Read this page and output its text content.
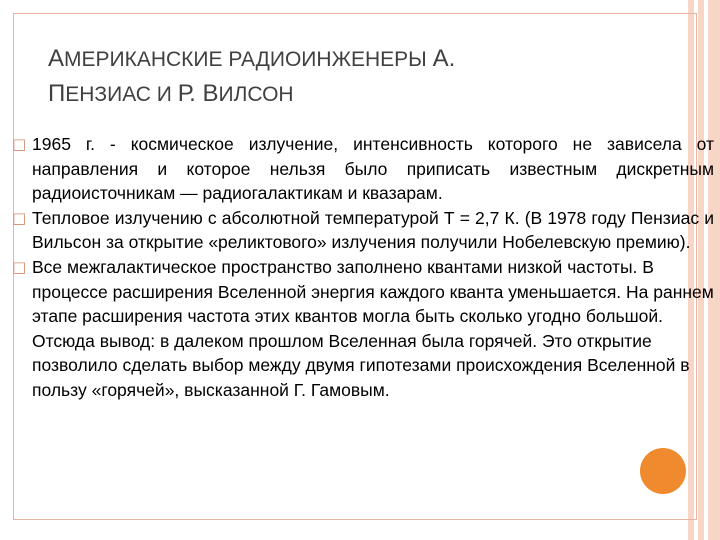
АМЕРИКАНСКИЕ РАДИОИНЖЕНЕРЫ А.
ПЕНЗИАС И Р. ВИЛСОН
□ 1965 г. - космическое излучение, интенсивность которого не зависела от направления и которое нельзя было приписать известным дискретным радиоисточникам — радиогалактикам и квазарам.
□ Тепловое излучению с абсолютной температурой Т = 2,7 К. (В 1978 году Пензиас и Вильсон за открытие «реликтового» излучения получили Нобелевскую премию).
□ Все межгалактическое пространство заполнено квантами низкой частоты. В процессе расширения Вселенной энергия каждого кванта уменьшается. На раннем этапе расширения частота этих квантов могла быть сколько угодно большой. Отсюда вывод: в далеком прошлом Вселенная была горячей. Это открытие позволило сделать выбор между двумя гипотезами происхождения Вселенной в пользу «горячей», высказанной Г. Гамовым.
